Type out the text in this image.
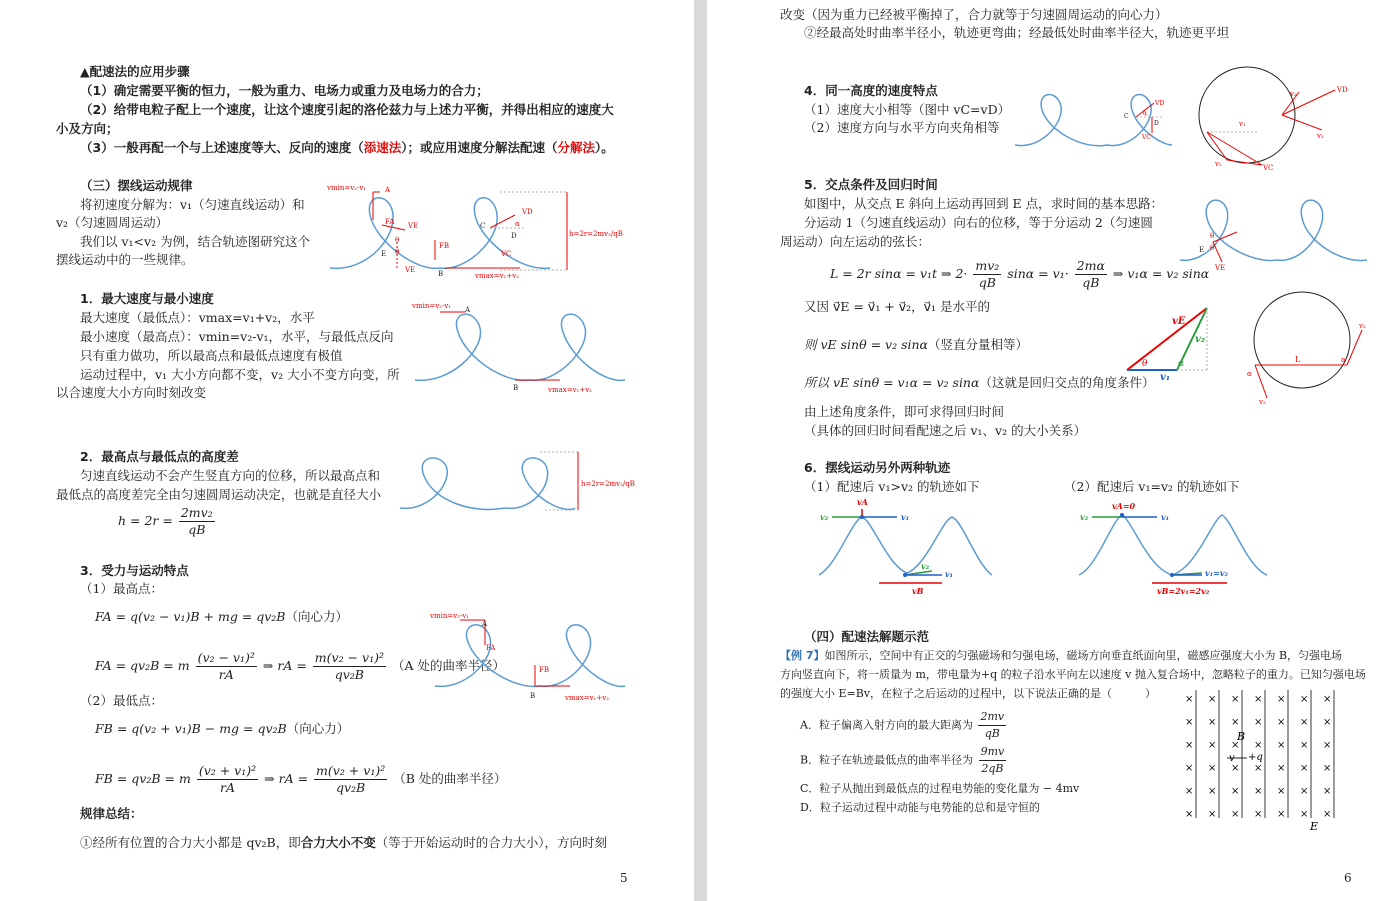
▲配速法的应用步骤
（1）确定需要平衡的恒力，一般为重力、电场力或重力及电场力的合力；
（2）给带电粒子配上一个速度，让这个速度引起的洛伦兹力与上述力平衡，并得出相应的速度大
小及方向；
（3）一般再配一个与上述速度等大、反向的速度（添速法）；或应用速度分解法配速（分解法）。
（三）摆线运动规律
将初速度分解为：v₁（匀速直线运动）和
v₂（匀速圆周运动）
我们以 v₁<v₂ 为例，结合轨迹图研究这个
摆线运动中的一些规律。
vmin=v₂-v₁	A
FA VE
θ
θ
E
VE
FB
B	vmax=v₁+v₂
VD
C	α
D
VC
h=2r=2mv₂/qB
1．最大速度与最小速度
最大速度（最低点）：vmax=v₁+v₂，水平
最小速度（最高点）：vmin=v₂-v₁，水平，与最低点反向
只有重力做功，所以最高点和最低点速度有极值
运动过程中，v₁ 大小方向都不变，v₂ 大小不变方向变，所
以合速度大小方向时刻改变
vmin=v₂-v₁ A
B	vmax=v₁+v₂
2．最高点与最低点的高度差
匀速直线运动不会产生竖直方向的位移，所以最高点和
最低点的高度差完全由匀速圆周运动决定，也就是直径大小
$h = 2r = \frac{\text{2mv₂}}{qB}$
h=2r=2mv₂/qB
3．受力与运动特点
（1）最高点：
FA = q(v₂ − v₁)B + mg = qv₂B（向心力）
FA = qv₂B = m $\frac{\text{(v₂ − v₁)²}}{rA}$ ⇒ rA = $\frac{\text{m(v₂ − v₁)²}}{\text{qv₂B}} (A$ 处的曲率半径）
（2）最低点：
FB = q(v₂ + v₁)B − mg = qv₂B（向心力）
FB = qv₂B = m $\frac{\text{(v₂ + v₁)²}}{rA}$ ⇒ rA = $\frac{\text{m(v₂ + v₁)²}}{\text{qv₂B}} (B$ 处的曲率半径）
vmin=v₂-v₁
A
FA
FB
B	vmax=v₁+v₂
规律总结：
①经所有位置的合力大小都是 qv₂B，即合力大小不变（等于开始运动时的合力大小），方向时刻
5
改变（因为重力已经被平衡掉了，合力就等于匀速圆周运动的向心力）
②经最高处时曲率半径小，轨迹更弯曲；经最低处时曲率半径大，轨迹更平坦
4．同一高度的速度特点
（1）速度大小相等（图中 vC=vD）
（2）速度方向与水平方向夹角相等
VD
C α
D
VC
v₂	VD
v₁
v₁
v₂	VC
5．交点条件及回归时间
如图中，从交点 E 斜向上运动再回到 E 点，求时间的基本思路：
分运动 1（匀速直线运动）向右的位移，等于分运动 2（匀速圆
周运动）向左运动的弦长：
L = 2r sinα = v₁t ⇒ $2\cdot \frac{\text{mv₂}}{qB}$ $\sin\alpha = v_1\cdot \frac{2m\alpha}{qB}$ ⇒ v₁α = v₂ sinα
又因 v⃗E = v⃗₁ + v⃗₂，v⃗₁ 是水平的
则 vE sinθ = v₂ sinα（竖直分量相等）
所以 vE sinθ = v₁α = v₂ sinα（这就是回归交点的角度条件）
由上述角度条件，即可求得回归时间
（具体的回归时间看配速之后 v₁、v₂ 的大小关系）
θ
θ
E
VE
vE
v₂
α
θ
v₁
v₂
L	α
α
v₂
6．摆线运动另外两种轨迹
（1）配速后 v₁>v₂ 的轨迹如下	（2）配速后 v₁=v₂ 的轨迹如下
vA
v₂	v₁
v₂
v₁
vB
vA=0
v₂	v₁
v₁=v₂
vB=2v₁=2v₂
（四）配速法解题示范
【例 7】如图所示，空间中有正交的匀强磁场和匀强电场，磁场方向垂直纸面向里，磁感应强度大小为 B，匀强电场
方向竖直向下，将一质量为 m，带电量为+q 的粒子沿水平向左以速度 v 抛入复合场中，忽略粒子的重力。已知匀强电场
的强度大小 E=Bv，在粒子之后运动的过程中，以下说法正确的是（　　　）
A．粒子偏离入射方向的最大距离为 $\frac{2mv}{qB}$
B．粒子在轨迹最低点的曲率半径为 $\frac{9mv}{2qB}$
C．粒子从抛出到最低点的过程电势能的变化量为 − 4mv
D．粒子运动过程中动能与电势能的总和是守恒的
B
v +q
E
×
×
×
×
×
×
×
×
×
×
×
×
×
×
×
×
×
×
×
×
×
×
×
×
×
×
×
×
×
×
×
×
×
×
×
×
×
×
×
×
×
×
6
